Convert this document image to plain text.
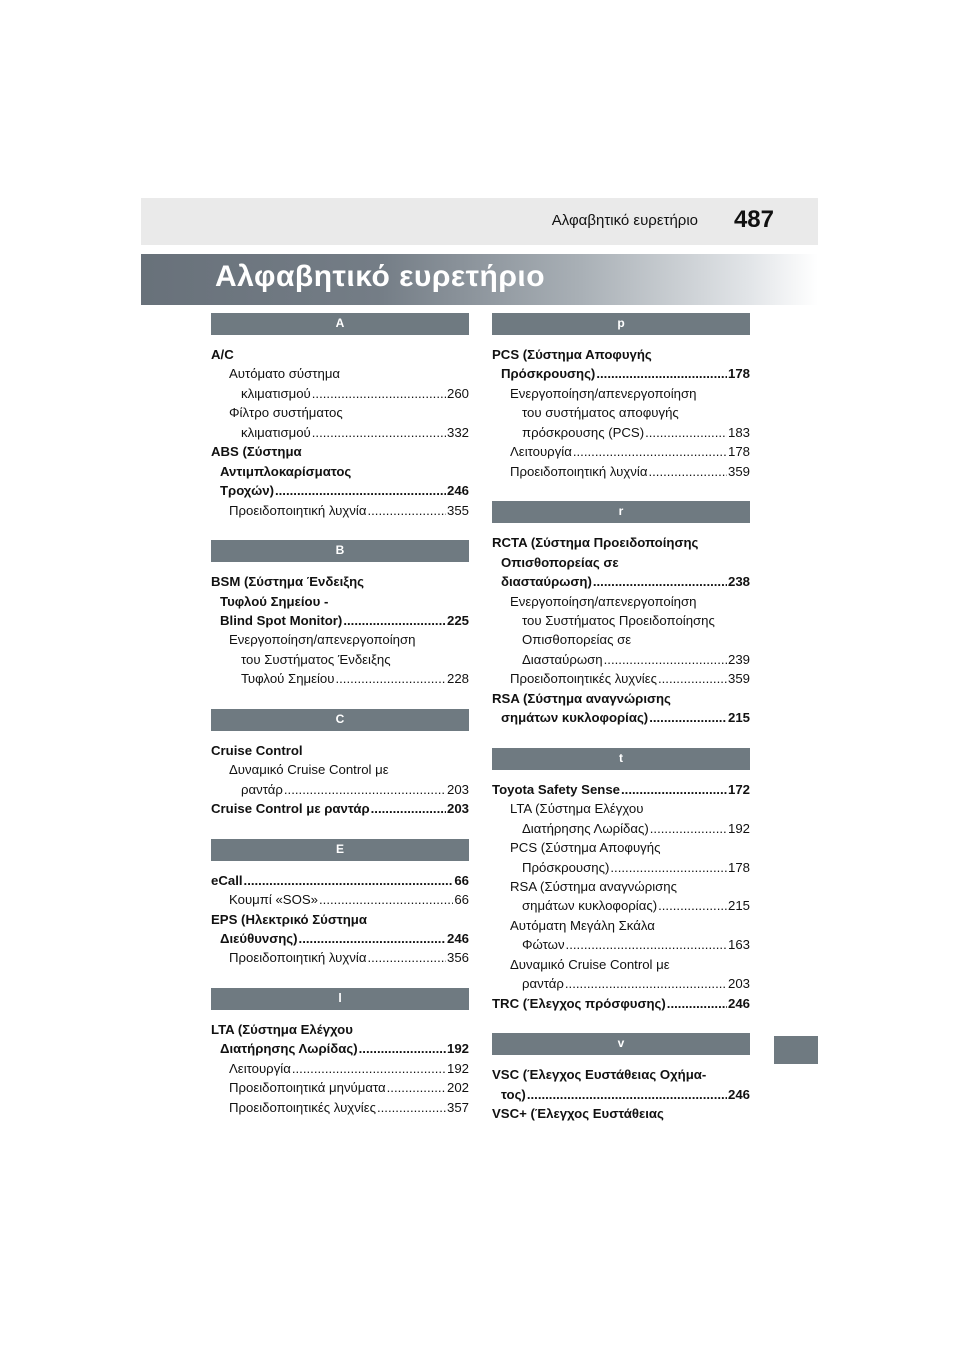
Αλφαβητικό ευρετήριο 487
Αλφαβητικό ευρετήριο
A
A/C
Αυτόματο σύστημα
κλιματισμού .....	260
Φίλτρο συστήματος
κλιματισμού .....	332
ABS (Σύστημα
Αντιμπλοκαρίσματος
Τροχών) .....	246
Προειδοποιητική λυχνία .....	355
B
BSM (Σύστημα Ένδειξης
Τυφλού Σημείου -
Blind Spot Monitor) .....	225
Ενεργοποίηση/απενεργοποίηση
του Συστήματος Ένδειξης
Τυφλού Σημείου .....	228
C
Cruise Control
Δυναμικό Cruise Control με
ραντάρ .....	203
Cruise Control με ραντάρ .....	203
E
eCall .....	66
Κουμπί «SOS» .....	66
EPS (Ηλεκτρικό Σύστημα
Διεύθυνσης) .....	246
Προειδοποιητική λυχνία .....	356
l
LTA (Σύστημα Ελέγχου
Διατήρησης Λωρίδας) .....	192
Λειτουργία .....	192
Προειδοποιητικά μηνύματα .....	202
Προειδοποιητικές λυχνίες .....	357
p
PCS (Σύστημα Αποφυγής
Πρόσκρουσης) .....	178
Ενεργοποίηση/απενεργοποίηση
του συστήματος αποφυγής
πρόσκρουσης (PCS) .....	183
Λειτουργία .....	178
Προειδοποιητική λυχνία .....	359
r
RCTA (Σύστημα Προειδοποίησης
Οπισθοπορείας σε
διασταύρωση) .....	238
Ενεργοποίηση/απενεργοποίηση
του Συστήματος Προειδοποίησης
Οπισθοπορείας σε
Διασταύρωση .....	239
Προειδοποιητικές λυχνίες .....	359
RSA (Σύστημα αναγνώρισης
σημάτων κυκλοφορίας) .....	215
t
Toyota Safety Sense .....	172
LTA (Σύστημα Ελέγχου
Διατήρησης Λωρίδας) .....	192
PCS (Σύστημα Αποφυγής
Πρόσκρουσης) .....	178
RSA (Σύστημα αναγνώρισης
σημάτων κυκλοφορίας) .....	215
Αυτόματη Μεγάλη Σκάλα
Φώτων .....	163
Δυναμικό Cruise Control με
ραντάρ .....	203
TRC (Έλεγχος πρόσφυσης) .....	246
v
VSC (Έλεγχος Ευστάθειας Οχήμα-
τος) .....	246
VSC+ (Έλεγχος Ευστάθειας
